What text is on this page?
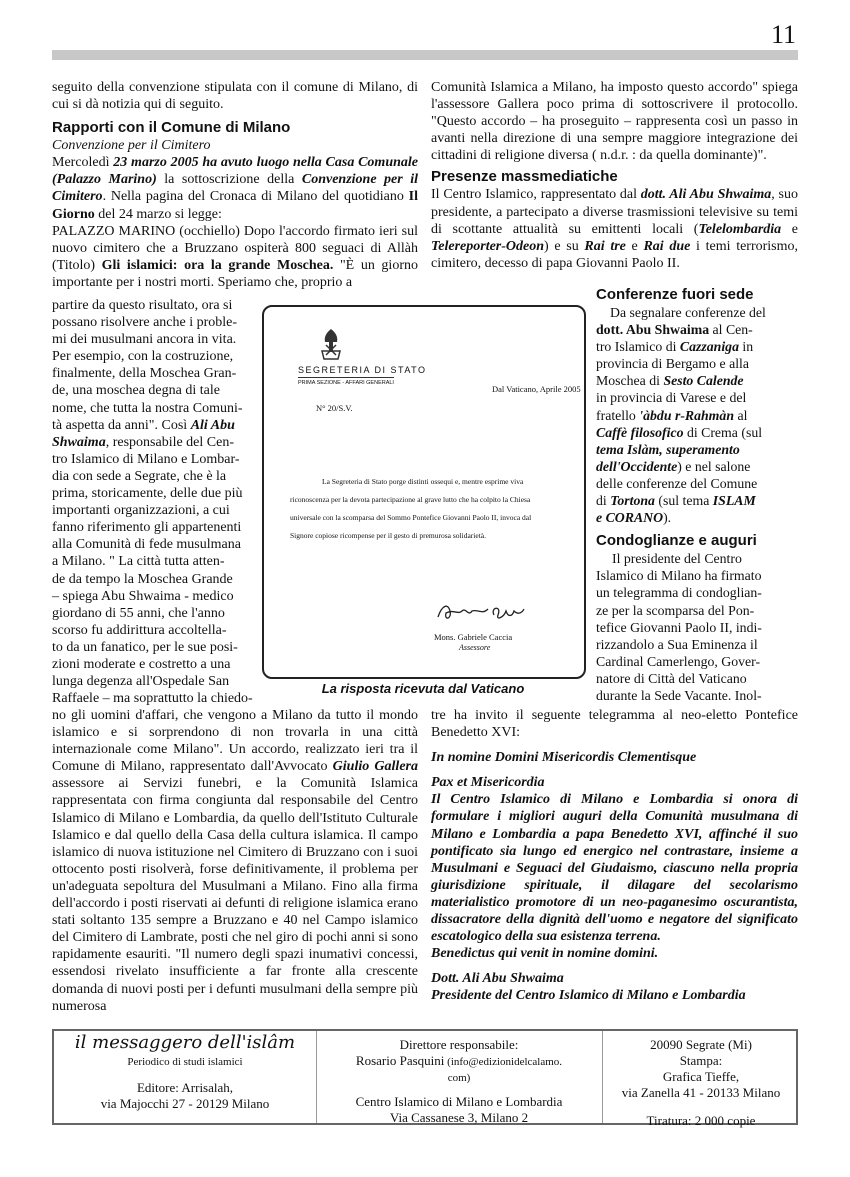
11

seguito della convenzione stipulata con il comune di Milano, di cui si dà notizia qui di seguito.

Rapporti con il Comune di Milano

Convenzione per il Cimitero

Mercoledì 23 marzo 2005 ha avuto luogo nella Casa Comunale (Palazzo Marino) la sottoscrizione della Convenzione per il Cimitero. Nella pagina del Cronaca di Milano del quotidiano Il Giorno del 24 marzo si legge:

PALAZZO MARINO (occhiello) Dopo l'accordo firmato ieri sul nuovo cimitero che a Bruzzano ospiterà 800 seguaci di Allàh (Titolo) Gli islamici: ora la grande Moschea. "È un giorno importante per i nostri morti. Speriamo che, proprio a

partire da questo risultato, ora si
possano risolvere anche i proble-
mi dei musulmani ancora in vita.
Per esempio, con la costruzione,
finalmente, della Moschea Gran-
de, una moschea degna di tale
nome, che tutta la nostra Comuni-
tà aspetta da anni". Così Ali Abu
Shwaima, responsabile del Cen-
tro Islamico di Milano e Lombar-
dia con sede a Segrate, che è la
prima, storicamente, delle due più
importanti organizzazioni, a cui
fanno riferimento gli appartenenti
alla Comunità di fede musulmana
a Milano. " La città tutta atten-
de da tempo la Moschea Grande
– spiega Abu Shwaima - medico
giordano di 55 anni, che l'anno
scorso fu addirittura accoltella-
to da un fanatico, per le sue posi-
zioni moderate e costretto a una
lunga degenza all'Ospedale San
Raffaele – ma soprattutto la chiedo-

no gli uomini d'affari, che vengono a Milano da tutto il mondo islamico e si sorprendono di non trovarla in una città internazionale come Milano". Un accordo, realizzato ieri tra il Comune di Milano, rappresentato dall'Avvocato Giulio Gallera assessore ai Servizi funebri, e la Comunità Islamica rappresentata con firma congiunta dal responsabile del Centro Islamico di Milano e Lombardia, da quello dell'Istituto Culturale Islamico e dal quello della Casa della cultura islamica. Il campo islamico di nuova istituzione nel Cimitero di Bruzzano con i suoi ottocento posti risolverà, forse definitivamente, il problema per un'adeguata sepoltura del Musulmani a Milano. Fino alla firma dell'accordo i posti riservati ai defunti di religione islamica erano stati soltanto 135 sempre a Bruzzano e 40 nel Campo islamico del Cimitero di Lambrate, posti che nel giro di pochi anni si sono rapidamente esauriti. "Il numero degli spazi inumativi concessi, essendosi rivelato insufficiente a far fronte alla crescente domanda di nuovi posti per i defunti musulmani della sempre più numerosa

Comunità Islamica a Milano, ha imposto questo accordo" spiega l'assessore Gallera poco prima di sottoscrivere il protocollo. "Questo accordo – ha proseguito – rappresenta così un passo in avanti nella direzione di una sempre maggiore integrazione dei cittadini di religione diversa ( n.d.r. : da quella dominante)".

Presenze massmediatiche

Il Centro Islamico, rappresentato dal dott. Ali Abu Shwaima, suo presidente, a partecipato a diverse trasmissioni televisive su temi di scottante attualità su emittenti locali (Telelombardia e Telereporter-Odeon) e su Rai tre e Rai due i temi terrorismo, cimitero, decesso di papa Giovanni Paolo II.

Conferenze fuori sede
Da segnalare conferenze del
dott. Abu Shwaima al Cen-
tro Islamico di Cazzaniga in
provincia di Bergamo e alla
Moschea di Sesto Calende
in provincia di Varese e del
fratello 'àbdu r-Rahmàn al
Caffè filosofico di Crema (sul
tema Islàm, superamento
dell'Occidente) e nel salone
delle conferenze del Comune
di Tortona (sul tema ISLAM
e CORANO).
Condoglianze e auguri
Il presidente del Centro
Islamico di Milano ha firmato
un telegramma di condoglian-
ze per la scomparsa del Pon-
tefice Giovanni Paolo II, indi-
rizzandolo a Sua Eminenza il
Cardinal Camerlengo, Gover-
natore di Città del Vaticano
durante la Sede Vacante. Inol-

tre ha invito il seguente telegramma al neo-eletto Pontefice Benedetto XVI:

In nomine Domini Misericordis Clementisque

Pax et Misericordia

Il Centro Islamico di Milano e Lombardia si onora di formulare i migliori auguri della Comunità musulmana di Milano e Lombardia a papa Benedetto XVI, affinché il suo pontificato sia lungo ed energico nel contrastare, insieme a Musulmani e Seguaci del Giudaismo, ciascuno nella propria giurisdizione spirituale, il dilagare del secolarismo materialistico promotore di un neo-paganesimo oscurantista, dissacratore della dignità dell'uomo e negatore del significato escatologico della sua esistenza terrena.

Benedictus qui venit in nomine domini.

Dott. Ali Abu Shwaima

Presidente del Centro Islamico di Milano e Lombardia

SEGRETERIA DI STATO
PRIMA SEZIONE - AFFARI GENERALI
Dal Vaticano, Aprile 2005
N° 20/S.V.
La Segreteria di Stato porge distinti ossequi e, mentre esprime viva
riconoscenza per la devota partecipazione al grave lutto che ha colpito la Chiesa
universale con la scomparsa del Sommo Pontefice Giovanni Paolo II, invoca dal
Signore copiose ricompense per il gesto di premurosa solidarietà.
Mons. Gabriele Caccia
Assessore
La risposta ricevuta dal Vaticano
il messaggero dell'islâm
Periodico di studi islamici
Editore: Arrisalah,
via Majocchi 27 - 20129 Milano
Direttore responsabile:
Rosario Pasquini (info@edizionidelcalamo.
com)
Centro Islamico di Milano e Lombardia
Via Cassanese 3, Milano 2
20090 Segrate (Mi)
Stampa:
Grafica Tieffe,
via Zanella 41 - 20133 Milano
Tiratura: 2 000 copie
